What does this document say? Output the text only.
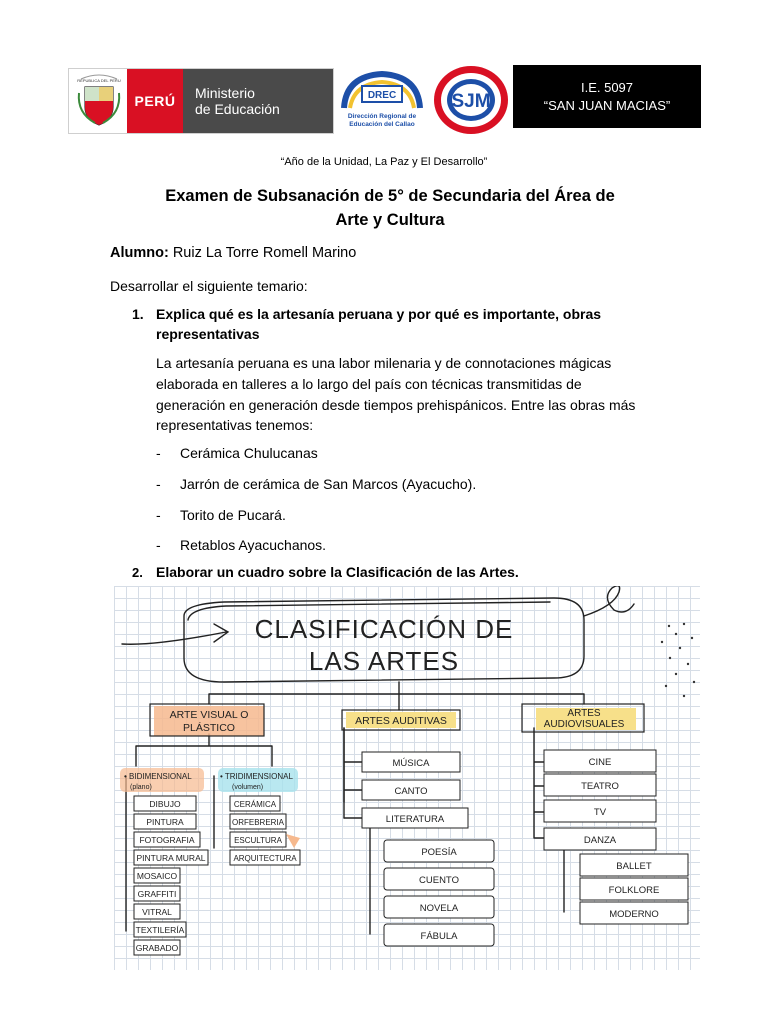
REPUBLICA DEL PERU
PERÚ	Ministerio
de Educación
DREC
Dirección Regional de
Educación del Callao
SJM
I.E. 5097
“SAN JUAN MACIAS”
“Año de la Unidad, La Paz y El Desarrollo”
Examen de Subsanación de 5° de Secundaria del Área de
Arte y Cultura
Alumno: Ruiz La Torre Romell Marino
Desarrollar el siguiente temario:
1. Explica qué es la artesanía peruana y por qué es importante, obras
representativas
La artesanía peruana es una labor milenaria y de connotaciones mágicas
elaborada en talleres a lo largo del país con técnicas transmitidas de
generación en generación desde tiempos prehispánicos. Entre las obras más
representativas tenemos:
- Cerámica Chulucanas
- Jarrón de cerámica de San Marcos (Ayacucho).
- Torito de Pucará.
- Retablos Ayacuchanos.
2. Elaborar un cuadro sobre la Clasificación de las Artes.
CLASIFICACIÓN DE
LAS ARTES
ARTE VISUAL O
PLÁSTICO
ARTES AUDITIVAS
ARTES
AUDIOVISUALES
• BIDIMENSIONAL
(plano)
• TRIDIMENSIONAL
(volumen)
DIBUJO
PINTURA
FOTOGRAFIA
PINTURA MURAL
MOSAICO
GRAFFITI
VITRAL
TEXTILERÍA
GRABADO
CERÁMICA
ORFEBRERIA
ESCULTURA
ARQUITECTURA
MÚSICA
CANTO
LITERATURA
POESÍA
CUENTO
NOVELA
FÁBULA
CINE
TEATRO
TV
DANZA
BALLET
FOLKLORE
MODERNO
